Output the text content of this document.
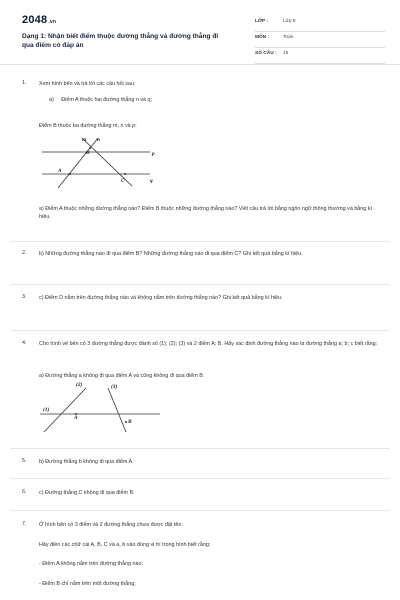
2048.vn
Dạng 1: Nhận biết điểm thuộc đường thẳng và đường thẳng đi qua điểm có đáp án
LỚP :	Lớp 6
MÔN :	Toán
SỐ CÂU : 16
1. Xem hình bên và trả lời các câu hỏi sau:
a)     Điểm A thuộc hai đường thẳng n và q;
Điểm B thuộc ba đường thẳng m, n và p:
m n
B	p
A
C	q
a) Điểm A thuộc những đường thẳng nào? Điểm B thuộc những đường thẳng nào? Viết câu trả lời bằng ngôn ngữ thông thường và bằng kí hiệu.
2. b) Những đường thẳng nào đi qua điểm B? Những đường thẳng nào đi qua điểm C? Ghi kết quả bằng kí hiệu.
3. c) Điểm D nằm trên đường thẳng nào và không nằm trên đường thẳng nào? Ghi kết quả bằng kí hiệu.
4. Cho hình vẽ bên có 3 đường thẳng được đánh số (1); (2); (3) và 2 điểm A; B. Hãy xác định đường thẳng nào là đường thẳng a; b; c biết rằng:
a) Đường thẳng a không đi qua điểm A và cũng không đi qua điểm B.
(2)	(3)
(1)
A
B
5. b) Đường thẳng b không đi qua điểm A.
6. c) Đường thẳng C không đi qua điểm B.
7. Ở hình bên có 3 điểm và 2 đường thẳng chưa được đặt tên.
Hãy điền các chữ cái A, B, C và a, b vào đúng vị trí trong hình biết rằng:
- Điểm A không nằm trên đường thẳng nào;
- Điểm B chỉ nằm trên một đường thẳng;
